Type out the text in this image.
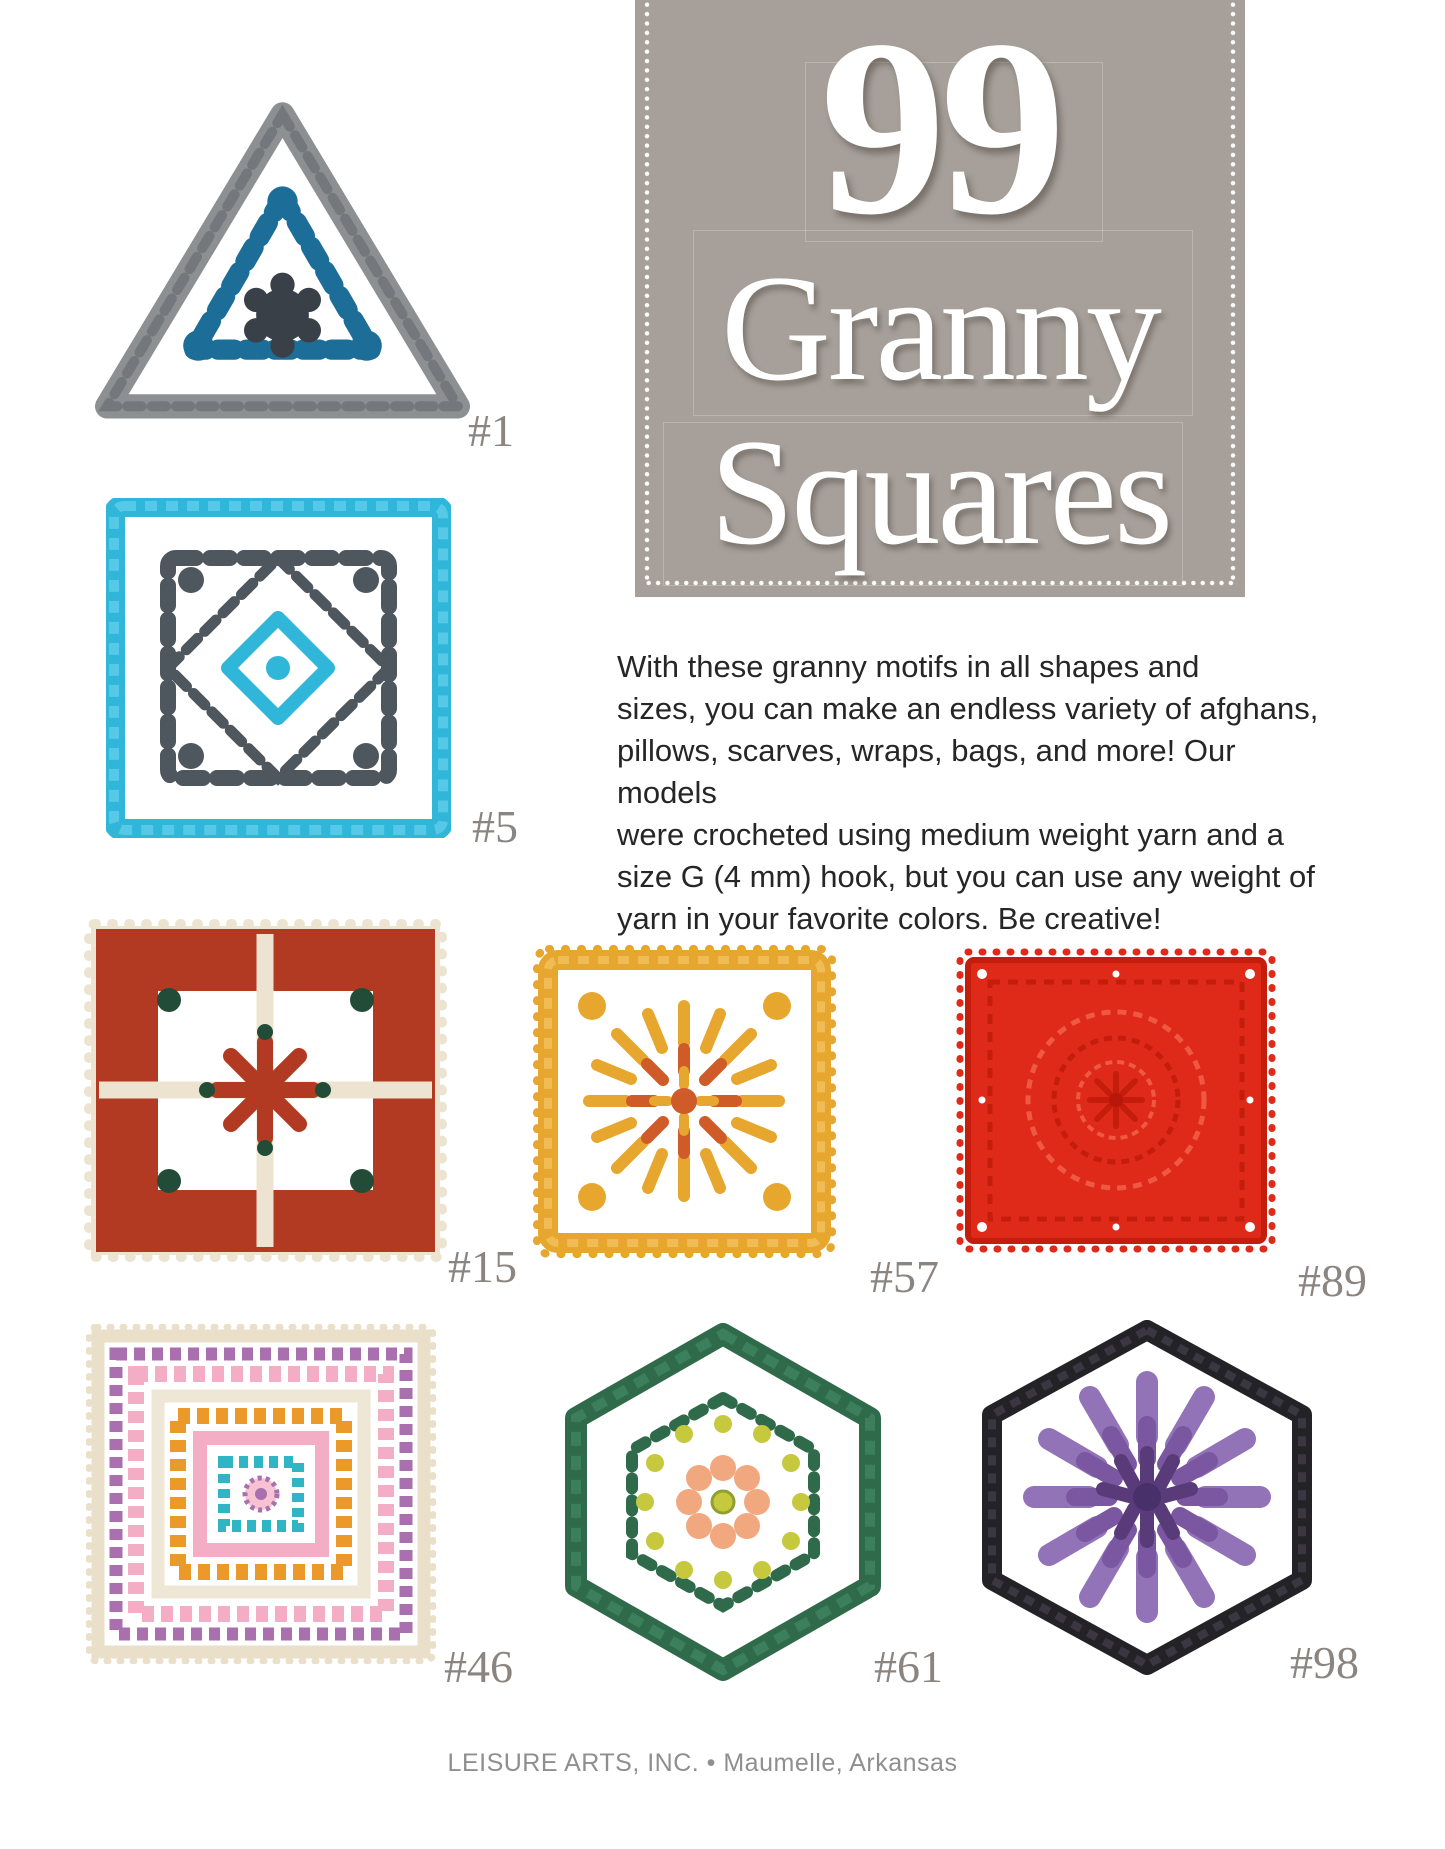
99
Granny
Squares
With these granny motifs in all shapes and
sizes, you can make an endless variety of afghans,
pillows, scarves, wraps, bags, and more! Our models
were crocheted using medium weight yarn and a
size G (4 mm) hook, but you can use any weight of
yarn in your favorite colors. Be creative!
#1
#5
#15	#57	#89
#46	#61	#98
LEISURE ARTS, INC. • Maumelle, Arkansas
